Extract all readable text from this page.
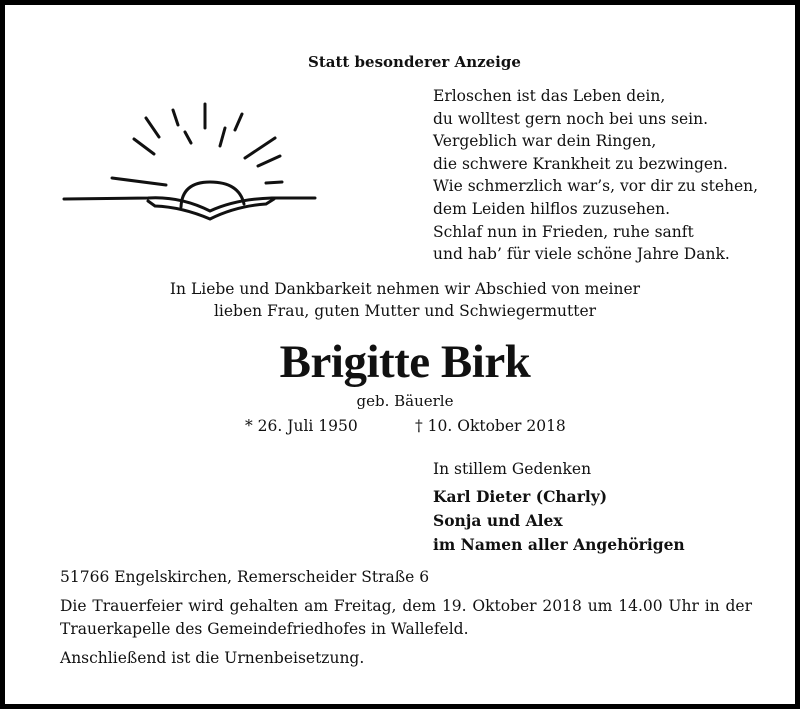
Statt besonderer Anzeige
Erloschen ist das Leben dein,
du wolltest gern noch bei uns sein.
Vergeblich war dein Ringen,
die schwere Krankheit zu bezwingen.
Wie schmerzlich war’s, vor dir zu stehen,
dem Leiden hilflos zuzusehen.
Schlaf nun in Frieden, ruhe sanft
und hab’ für viele schöne Jahre Dank.
In Liebe und Dankbarkeit nehmen wir Abschied von meiner
lieben Frau, guten Mutter und Schwiegermutter
Brigitte Birk
geb. Bäuerle
* 26. Juli 1950	† 10. Oktober 2018
In stillem Gedenken
Karl Dieter (Charly)
Sonja und Alex
im Namen aller Angehörigen
51766 Engelskirchen, Remerscheider Straße 6
Die Trauerfeier wird gehalten am Freitag, dem 19. Oktober 2018 um 14.00 Uhr in der Trauerkapelle des Gemeindefriedhofes in Wallefeld.
Anschließend ist die Urnenbeisetzung.
